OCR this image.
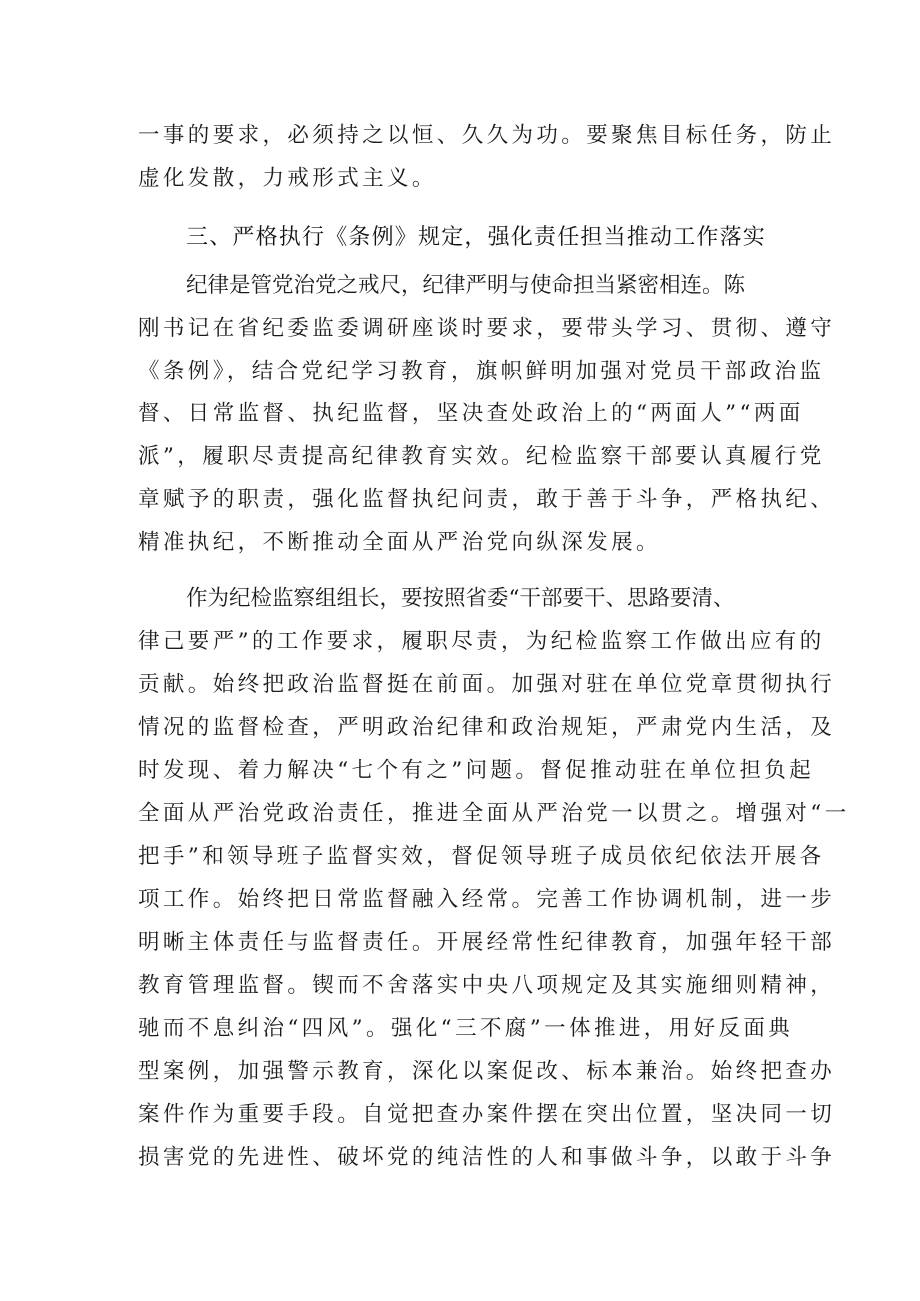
一事的要求，必须持之以恒、久久为功。要聚焦目标任务，防止
虚化发散，力戒形式主义。
三、严格执行《条例》规定，强化责任担当推动工作落实
纪律是管党治党之戒尺，纪律严明与使命担当紧密相连。陈
刚书记在省纪委监委调研座谈时要求，要带头学习、贯彻、遵守
《条例》，结合党纪学习教育，旗帜鲜明加强对党员干部政治监
督、日常监督、执纪监督，坚决查处政治上的“两面人”“两面
派”，履职尽责提高纪律教育实效。纪检监察干部要认真履行党
章赋予的职责，强化监督执纪问责，敢于善于斗争，严格执纪、
精准执纪，不断推动全面从严治党向纵深发展。
作为纪检监察组组长，要按照省委“干部要干、思路要清、
律己要严”的工作要求，履职尽责，为纪检监察工作做出应有的
贡献。始终把政治监督挺在前面。加强对驻在单位党章贯彻执行
情况的监督检查，严明政治纪律和政治规矩，严肃党内生活，及
时发现、着力解决“七个有之”问题。督促推动驻在单位担负起
全面从严治党政治责任，推进全面从严治党一以贯之。增强对“一
把手”和领导班子监督实效，督促领导班子成员依纪依法开展各
项工作。始终把日常监督融入经常。完善工作协调机制，进一步
明晰主体责任与监督责任。开展经常性纪律教育，加强年轻干部
教育管理监督。锲而不舍落实中央八项规定及其实施细则精神，
驰而不息纠治“四风”。强化“三不腐”一体推进，用好反面典
型案例，加强警示教育，深化以案促改、标本兼治。始终把查办
案件作为重要手段。自觉把查办案件摆在突出位置，坚决同一切
损害党的先进性、破坏党的纯洁性的人和事做斗争，以敢于斗争
